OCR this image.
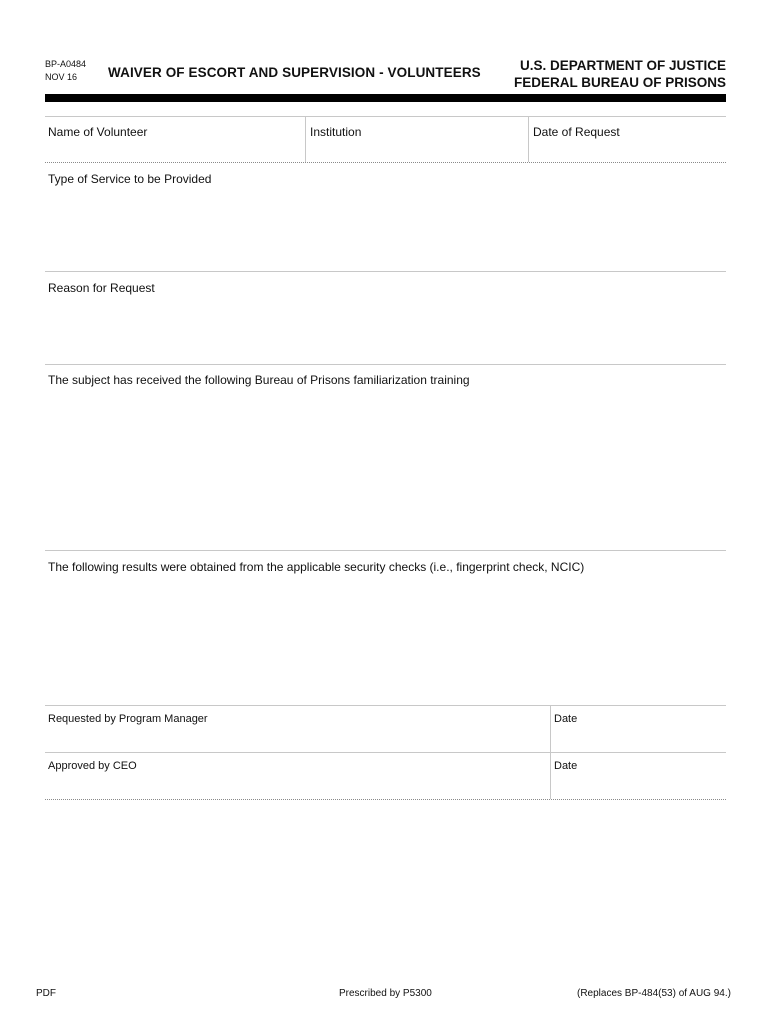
BP-A0484
NOV 16	WAIVER OF ESCORT AND SUPERVISION - VOLUNTEERS	U.S. DEPARTMENT OF JUSTICE
FEDERAL BUREAU OF PRISONS
Name of Volunteer	Institution	Date of Request
Type of Service to be Provided
Reason for Request
The subject has received the following Bureau of Prisons familiarization training
The following results were obtained from the applicable security checks (i.e., fingerprint check, NCIC)
Requested by Program Manager	Date
Approved by CEO	Date
PDF	Prescribed by P5300	(Replaces BP-484(53) of AUG 94.)
